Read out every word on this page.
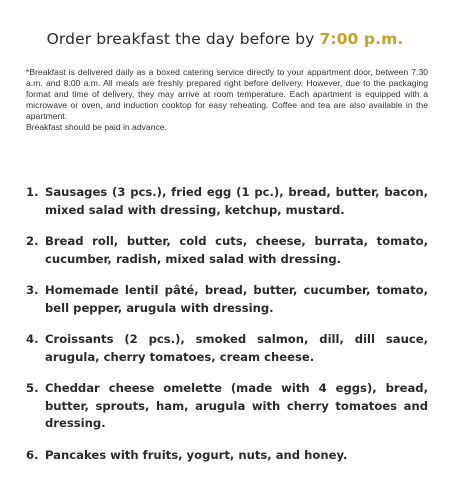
Order breakfast the day before by 7:00 p.m.

*Breakfast is delivered daily as a boxed catering service directly to your appartment door, between 7:30 a.m. and 8:00 a.m. All meals are freshly prepared right before delivery. However, due to the packaging format and time of delivery, they may arrive at room temperature. Each apartment is equipped with a microwave or oven, and induction cooktop for easy reheating. Coffee and tea are also available in the apartment.

Breakfast should be paid in advance.

1. Sausages (3 pcs.), fried egg (1 pc.), bread, butter, bacon, mixed salad with dressing, ketchup, mustard.
2. Bread roll, butter, cold cuts, cheese, burrata, tomato, cucumber, radish, mixed salad with dressing.
3. Homemade lentil pâté, bread, butter, cucumber, tomato, bell pepper, arugula with dressing.
4. Croissants (2 pcs.), smoked salmon, dill, dill sauce, arugula, cherry tomatoes, cream cheese.
5. Cheddar cheese omelette (made with 4 eggs), bread, butter, sprouts, ham, arugula with cherry tomatoes and dressing.
6. Pancakes with fruits, yogurt, nuts, and honey.
